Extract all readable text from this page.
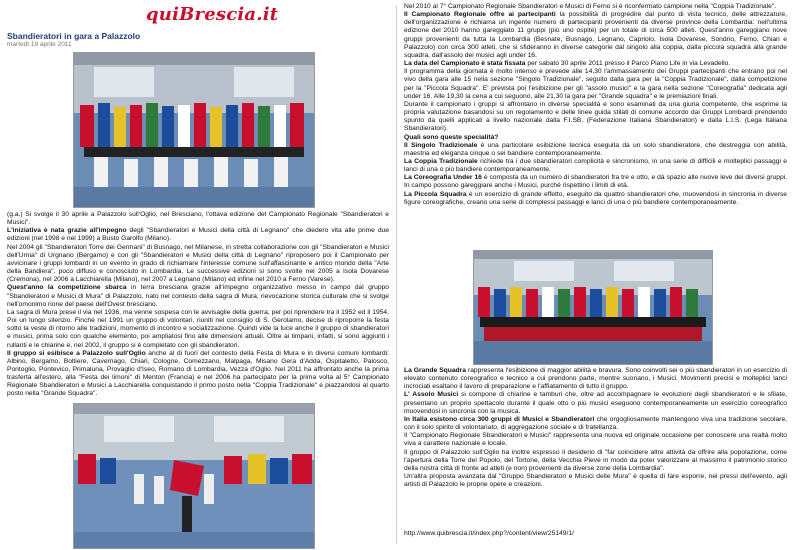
quiBrescia.it
Sbandieratori in gara a Palazzolo
martedì 19 aprile 2011

(g.a.) Si svolge il 30 aprile a Palazzolo sull'Oglio, nel Bresciano, l'ottava edizione del Campionato Regionale "Sbandieratori e Musici".

L'iniziativa è nata grazie all'impegno degli "Sbandieratori e Musici della città di Legnano" che diedero vita alle prime due edizioni (nel 1998 e nel 1999) a Busto Garolfo (Milano).

Nel 2004 gli "Sbandieratori Torre dei Germani" di Busnago, nel Milanese, in stretta collaborazione con gli "Sbandieratori e Musici dell'Urnia" di Urgnano (Bergamo) e con gli "Sbandieratori e Musici della città di Legnano" riproposero poi il Campionato per avvicinare i gruppi lombardi in un evento in grado di richiamare l'interesse comune sull'affascinante e antico mondo della "Arte della Bandiera", poco diffuso e conosciuto in Lombardia. Le successive edizioni si sono svolte nel 2005 a Isola Dovarese (Cremona), nel 2006 a Lacchiarella (Milano), nel 2007 a Legnano (Milano) ed infine nel 2010 a Ferno (Varese).

Quest'anno la competizione sbarca in terra bresciana grazie all'impegno organizzativo messo in campo dal gruppo "Sbandieratori e Musici di Mura" di Palazzolo, nato nel contesto della sagra di Mura, rievocazione storica culturale che si svolge nell'omonimo rione del paese dell'Ovest bresciano.

La sagra di Mura prese il via nel 1936, ma venne sospesa con le avvisaglie della guerra, per poi riprendere tra il 1952 ed il 1954. Poi un lungo silenzio. Finché nel 1991 un gruppo di volontari, riuniti nel consiglio di S. Gerolamo, decise di riproporre la festa sotto la veste di ritorno alle tradizioni, momento di incontro e socializzazione. Quindi vide la luce anche il gruppo di sbandieratori e musici, prima solo con qualche elemento, poi ampliatosi fino alle dimensioni attuali. Oltre ai timpani, infatti, si sono aggiunti i rullanti e le chiarine e, nel 2002, il gruppo si è completato con gli sbandieratori.

Il gruppo si esibisce a Palazzolo sull'Oglio anche al di fuori del contesto della Festa di Mura e in diversi comuni lombardi: Albino, Bergamo, Boltiere, Cavernago, Chiari, Cologne, Comezzano, Malpaga, Misano Gera d'Adda, Ospitaletto, Palosco, Pontoglio, Pontevico, Primaluna, Provaglio d'Iseo, Romano di Lombardia, Vezza d'Oglio. Nel 2011 ha affrontato anche la prima trasferta all'estero, alla "Festa dei limoni" di Menton (Francia) e nel 2006 ha partecipato per la prima volta al 5° Campionato Regionale Sbandieratori e Musici a Lacchiarella conquistando il primo posto nella "Coppia Tradizionale" e piazzandosi al quarto posto nella "Grande Squadra".

Nel 2010 al 7° Campionato Regionale Sbandieratori e Musici di Ferno si è riconfermato campione nella "Coppia Tradizionale".

Il Campionato Regionale offre ai partecipanti la possibilità di progredire dal punto di vista tecnico, delle attrezzature, dell'organizzazione e richiama un ingente numero di partecipanti provenienti da diverse province della Lombardia: nell'ultima edizione del 2010 hanno gareggiato 11 gruppi (più uno ospite) per un totale di circa 500 atleti. Quest'anno gareggiano nove gruppi provenienti da tutta la Lombardia (Besnate, Busnago, Legnano, Capriolo, Isola Dovarese, Sondrio, Ferno, Chiari e Palazzolo) con circa 300 atleti, che si sfideranno in diverse categorie dal singolo alla coppia, dalla piccola squadra alla grande squadra, dall'assolo dei musici agli under 16.

La data del Campionato è stata fissata per sabato 30 aprile 2011 presso il Parco Piano Life in via Levadello.

Il programma della giornata è molto intenso e prevede alle 14,30 l'ammassamento dei Gruppi partecipanti che entrano poi nel vivo della gara alle 15 nella sezione "Singolo Tradizionale", seguito dalla gara per la "Coppia Tradizionale", dalla competizione per la "Piccola Squadra". E' prevista poi l'esibizione per gli "assolo musici" e la gara nella sezione "Coreografia" dedicata agli under 16. Alle 19,30 la cena a cui seguono, alle 21,30 la gara per "Grande squadra" e le premiazioni finali.

Durante il campionato i gruppi si affrontano in diverse specialità e sono esaminati da una giuria competente, che esprime la propria valutazione basandosi su un regolamento e delle linee guida stilati di comune accordo dai Gruppi Lombardi prendendo spunto da quelli applicati a livello nazionale dalla F.I.SB. (Federazione Italiana Sbandieratori) e dalla L.I.S. (Lega Italiana Sbandieratori).

Quali sono queste specialità?

Il Singolo Tradizionale è una particolare esibizione tecnica eseguita da un solo sbandieratore, che destreggia con abilità, maestria ed eleganza cinque o sei bandiere contemporaneamente.

La Coppia Tradizionale richiede tra i due sbandieratori complicità e sincronismo, in una serie di difficili e molteplici passaggi e lanci di una o più bandiere contemporaneamente.

La Coreografia Under 16 è composta da un numero di sbandieratori fra tre e otto, e dà spazio alle nuove leve dei diversi gruppi. In campo possono gareggiare anche i Musici, purché rispettino i limiti di età.

La Piccola Squadra è un esercizio di grande effetto, eseguito da quattro sbandieratori che, muovendosi in sincronia in diverse figure coreografiche, creano una serie di complessi passaggi e lanci di una o più bandiere contemporaneamente.

La Grande Squadra rappresenta l'esibizione di maggior abilità e bravura. Sono coinvolti sei o più sbandieratori in un esercizio di elevato contenuto coreografico e tecnico a cui prendono parte, mentre suonano, i Musici. Movimenti precisi e molteplici lanci incrociati esaltano il lavoro di preparazione e l'affiatamento di tutto il gruppo.

L' Assolo Musici si compone di chiarine e tamburi che, oltre ad accompagnare le evoluzioni degli sbandieratori e le sfilate, presentano un proprio spettacolo durante il quale otto o più musici eseguono contemporaneamente un esercizio coreografico muovendosi in sincronia con la musica.

In Italia esistono circa 300 gruppi di Musici e Sbandieratori che orgogliosamente mantengono viva una tradizione secolare, con il solo spirito di volontariato, di aggregazione sociale e di fratellanza.

Il "Campionato Regionale Sbandieratori e Musici" rappresenta una nuova ed originale occasione per conoscere una realtà molto viva a carattere nazionale e locale.

Il gruppo di Palazzolo sull'Oglio ha inoltre espresso il desiderio di "far coincidere altre attività da offrire alla popolazione, come l'apertura della Torre del Popolo, del Tortone, della Vecchia Pieve in modo da poter valorizzare al massimo il patrimonio storico della nostra città di fronte ad atleti (e non) provenienti da diverse zone della Lombardia".

Un'altra proposta avanzata dal "Gruppo Sbandieratori e Musici delle Mura" è quella di fare esporre, nei pressi dell'evento, agli artisti di Palazzolo le proprie opere e creazioni.

http://www.quibrescia.it/index.php?/content/view/25149/1/
